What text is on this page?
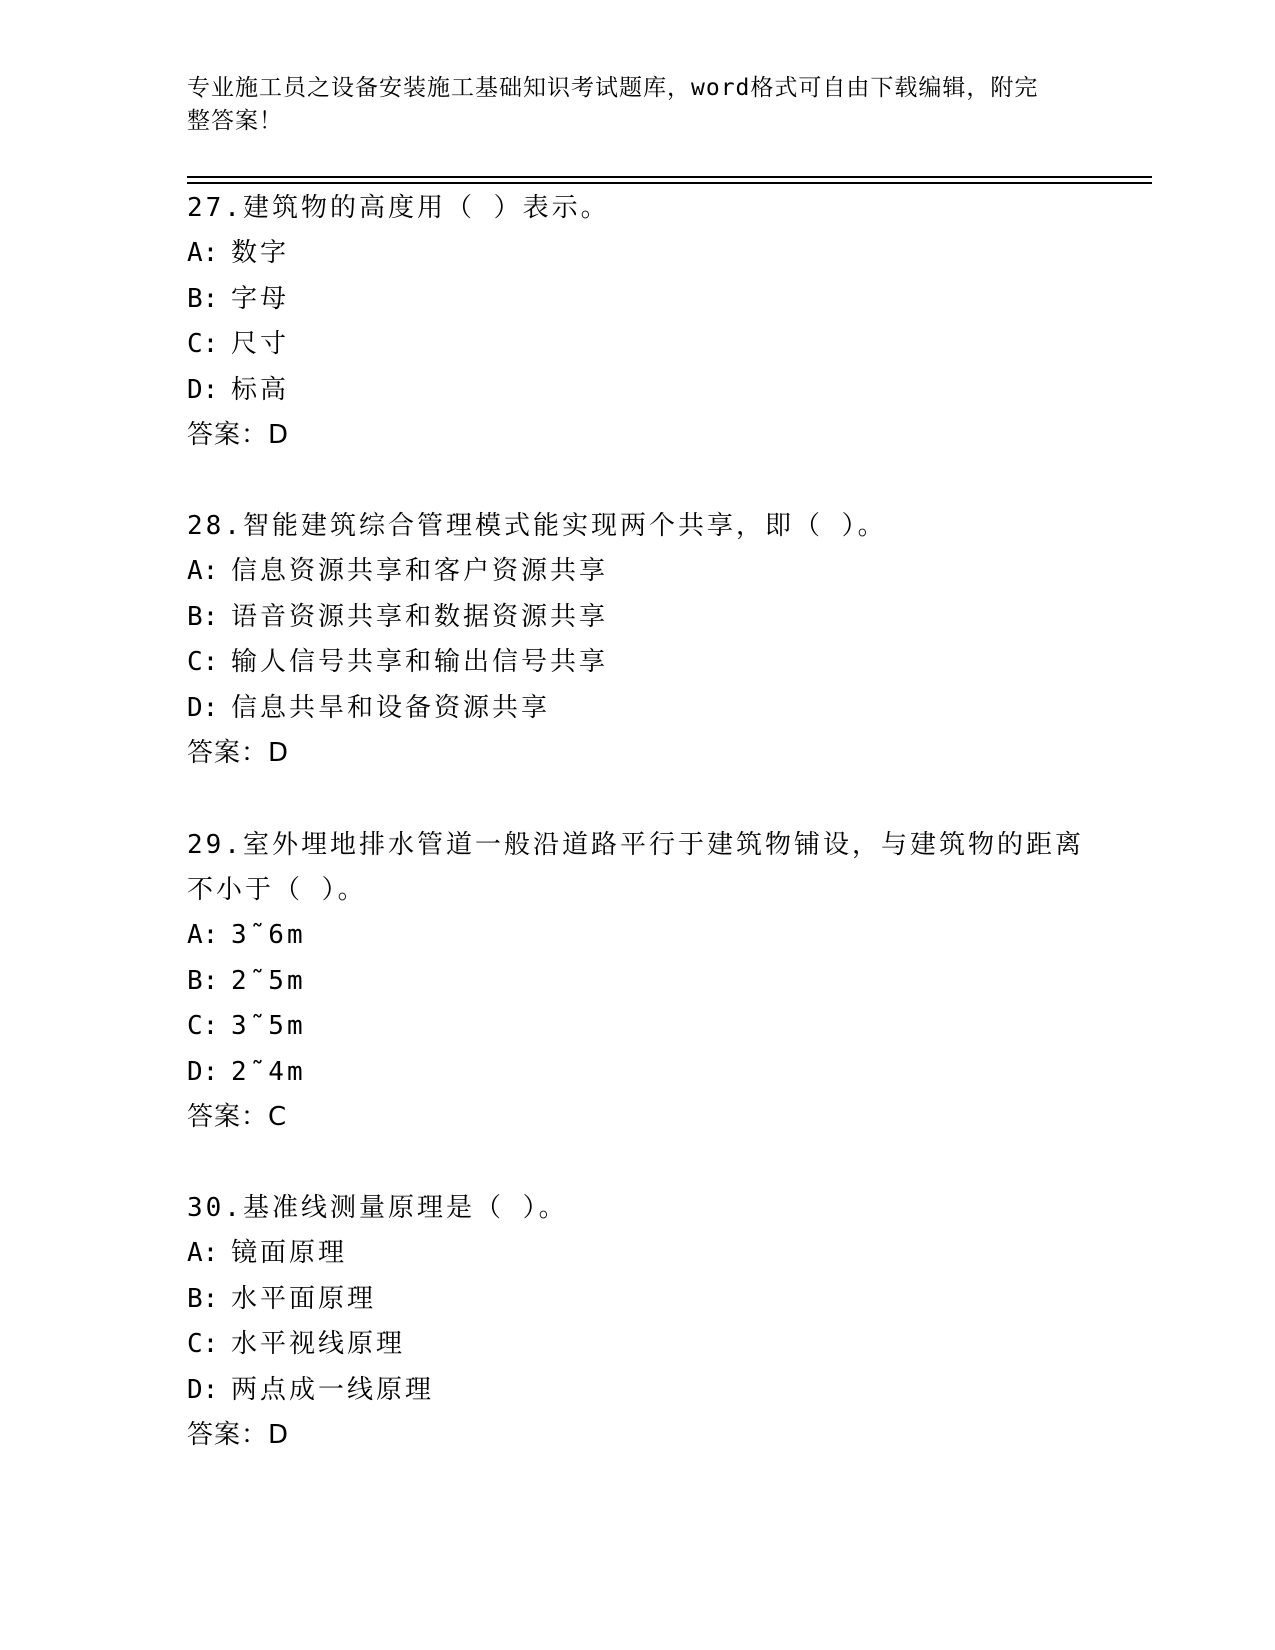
专业施工员之设备安装施工基础知识考试题库，word格式可自由下载编辑，附完
整答案！
27.建筑物的高度用（ ）表示。
A: 数字
B: 字母
C: 尺寸
D: 标高
答案：D
28.智能建筑综合管理模式能实现两个共享，即（ ）。
A: 信息资源共享和客户资源共享
B: 语音资源共享和数据资源共享
C: 输人信号共享和输出信号共享
D: 信息共旱和设备资源共享
答案：D
29.室外埋地排水管道一般沿道路平行于建筑物铺设，与建筑物的距离
不小于（ ）。
A: 3˜6m
B: 2˜5m
C: 3˜5m
D: 2˜4m
答案：C
30.基准线测量原理是（ ）。
A: 镜面原理
B: 水平面原理
C: 水平视线原理
D: 两点成一线原理
答案：D
